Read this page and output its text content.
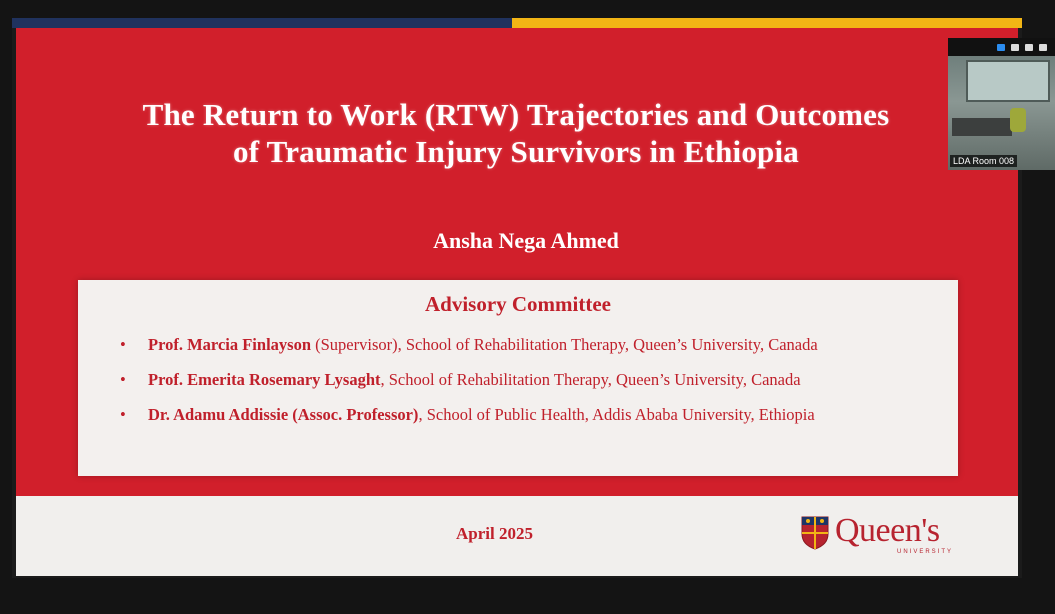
The Return to Work (RTW) Trajectories and Outcomes
of Traumatic Injury Survivors in Ethiopia
Ansha Nega Ahmed
Advisory Committee
• Prof. Marcia Finlayson (Supervisor), School of Rehabilitation Therapy, Queen’s University, Canada
• Prof. Emerita Rosemary Lysaght, School of Rehabilitation Therapy, Queen’s University, Canada
• Dr. Adamu Addissie (Assoc. Professor), School of Public Health, Addis Ababa University, Ethiopia
April 2025	Queen's
UNIVERSITY
LDA Room 008
